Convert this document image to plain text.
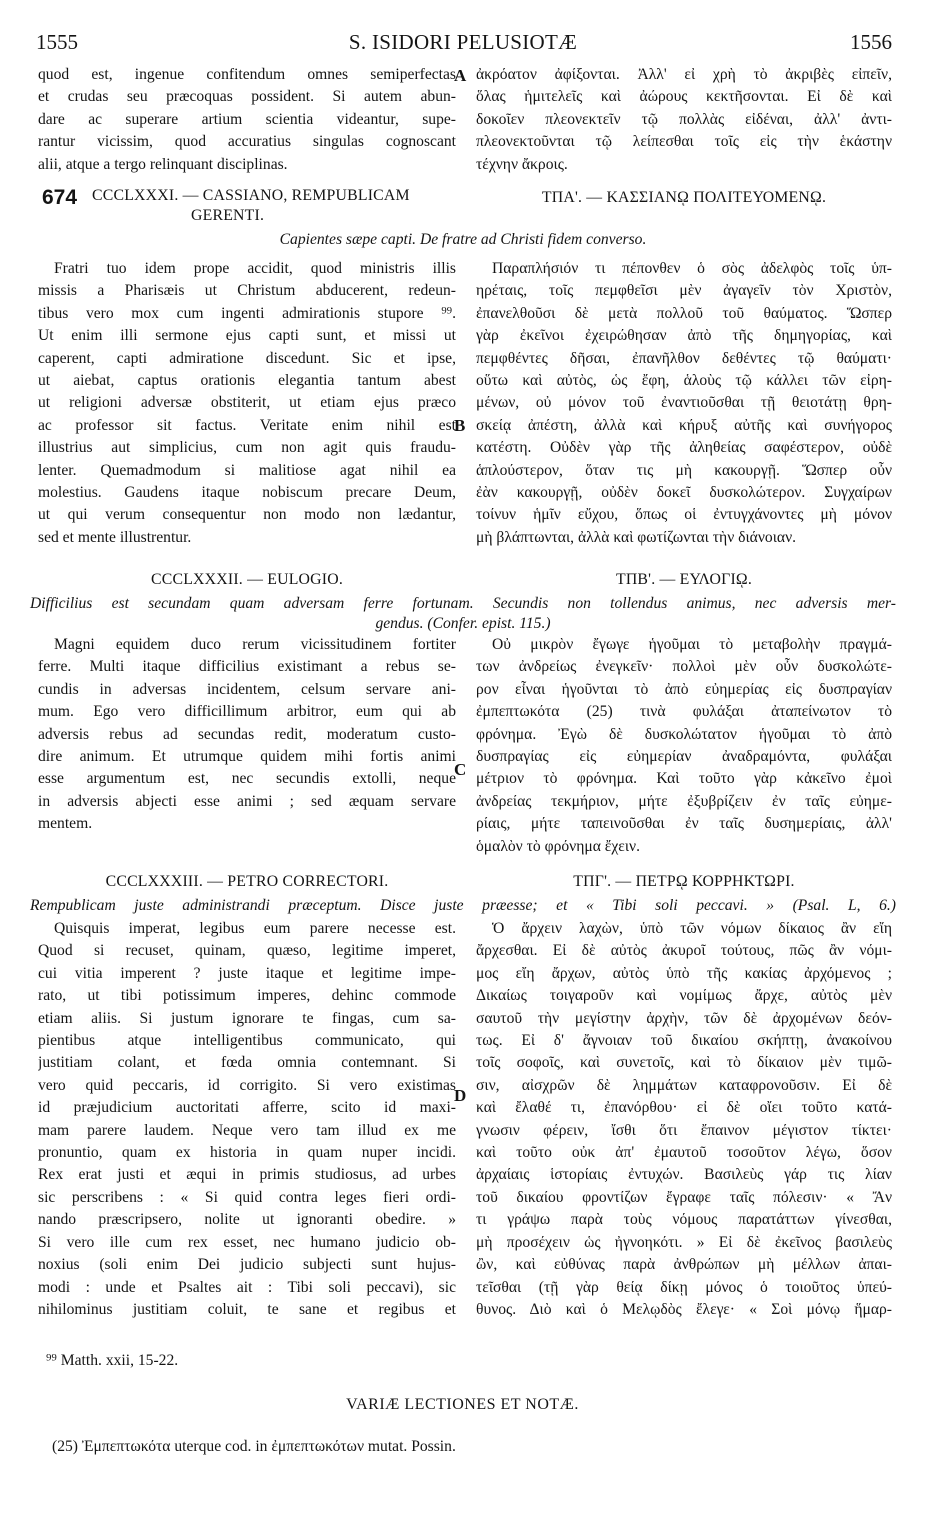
1555	S. ISIDORI PELUSIOTÆ	1556
quod est, ingenue confitendum omnes semiperfectas
et crudas seu præcoquas possident. Si autem abun-
dare ac superare artium scientia videantur, supe-
rantur vicissim, quod accuratius singulas cognoscant
alii, atque a tergo relinquant disciplinas.
ἀκρόατον ἀφίξονται. Ἀλλ' εἰ χρὴ τὸ ἀκριβὲς εἰπεῖν,
ὅλας ἡμιτελεῖς καὶ ἀώρους κεκτῆσονται. Εἰ δὲ καὶ
δοκοῖεν πλεονεκτεῖν τῷ πολλὰς εἰδέναι, ἀλλ' ἀντι-
πλεονεκτοῦνται τῷ λείπεσθαι τοῖς εἰς τὴν ἑκάστην
τέχνην ἄκροις.
A
674 CCCLXXXI. — CASSIANO, REMPUBLICAM
GERENTI.
ΤΠΑ'. — ΚΑΣΣΙΑΝῼ ΠΟΛΙΤΕΥΟΜΕΝῼ.
Capientes sæpe capti. De fratre ad Christi fidem converso.
Fratri tuo idem prope accidit, quod ministris illis
missis a Pharisæis ut Christum abducerent, redeun-
tibus vero mox cum ingenti admirationis stupore ⁹⁹.
Ut enim illi sermone ejus capti sunt, et missi ut
caperent, capti admiratione discedunt. Sic et ipse,
ut aiebat, captus orationis elegantia tantum abest
ut religioni adversæ obstiterit, ut etiam ejus præco
ac professor sit factus. Veritate enim nihil est
illustrius aut simplicius, cum non agit quis fraudu-
lenter. Quemadmodum si malitiose agat nihil ea
molestius. Gaudens itaque nobiscum precare Deum,
ut qui verum consequentur non modo non lædantur,
sed et mente illustrentur.
Παραπλήσιόν τι πέπονθεν ὁ σὸς ἀδελφὸς τοῖς ὑπ-
ηρέταις, τοῖς πεμφθεῖσι μὲν ἀγαγεῖν τὸν Χριστὸν,
ἐπανελθοῦσι δὲ μετὰ πολλοῦ τοῦ θαύματος. Ὥσπερ
γὰρ ἐκεῖνοι ἐχειρώθησαν ἀπὸ τῆς δημηγορίας, καὶ
πεμφθέντες δῆσαι, ἐπανῆλθον δεθέντες τῷ θαύματι·
οὕτω καὶ αὐτὸς, ὡς ἔφη, ἁλοὺς τῷ κάλλει τῶν εἰρη-
μένων, οὐ μόνον τοῦ ἐναντιοῦσθαι τῇ θειοτάτῃ θρη-
σκείᾳ ἀπέστη, ἀλλὰ καὶ κήρυξ αὐτῆς καὶ συνήγορος
κατέστη. Οὐδὲν γὰρ τῆς ἀληθείας σαφέστερον, οὐδὲ
ἁπλούστερον, ὅταν τις μὴ κακουργῇ. Ὥσπερ οὖν
ἐὰν κακουργῇ, οὐδὲν δοκεῖ δυσκολώτερον. Συγχαίρων
τοίνυν ἡμῖν εὔχου, ὅπως οἱ ἐντυγχάνοντες μὴ μόνον
μὴ βλάπτωνται, ἀλλὰ καὶ φωτίζωνται τὴν διάνοιαν.
B
CCCLXXXII. — EULOGIO.	ΤΠΒ'. — ΕΥΛΟΓΙῼ.
Difficilius est secundam quam adversam ferre fortunam. Secundis non tollendus animus, nec adversis mer-
gendus. (Confer. epist. 115.)
Magni equidem duco rerum vicissitudinem fortiter
ferre. Multi itaque difficilius existimant a rebus se-
cundis in adversas incidentem, celsum servare ani-
mum. Ego vero difficillimum arbitror, eum qui ab
adversis rebus ad secundas redit, moderatum custo-
dire animum. Et utrumque quidem mihi fortis animi
esse argumentum est, nec secundis extolli, neque
in adversis abjecti esse animi ; sed æquam servare
mentem.
Οὐ μικρὸν ἔγωγε ἡγοῦμαι τὸ μεταβολὴν πραγμά-
των ἀνδρείως ἐνεγκεῖν· πολλοὶ μὲν οὖν δυσκολώτε-
ρον εἶναι ἡγοῦνται τὸ ἀπὸ εὐημερίας εἰς δυσπραγίαν
ἐμπεπτωκότα (25) τινὰ φυλάξαι ἀταπείνωτον τὸ
φρόνημα. Ἐγὼ δὲ δυσκολώτατον ἡγοῦμαι τὸ ἀπὸ
δυσπραγίας εἰς εὐημερίαν ἀναδραμόντα, φυλάξαι
μέτριον τὸ φρόνημα. Καὶ τοῦτο γὰρ κἀκεῖνο ἐμοὶ
ἀνδρείας τεκμήριον, μήτε ἐξυβρίζειν ἐν ταῖς εὐημε-
ρίαις, μήτε ταπεινοῦσθαι ἐν ταῖς δυσημερίαις, ἀλλ'
ὁμαλὸν τὸ φρόνημα ἔχειν.
C
CCCLXXXIII. — PETRO CORRECTORI.	ΤΠΓ'. — ΠΕΤΡῼ ΚΟΡΡΗΚΤΩΡΙ.
Rempublicam juste administrandi præceptum. Disce juste præesse; et « Tibi soli peccavi. » (Psal. L, 6.)
Quisquis imperat, legibus eum parere necesse est.
Quod si recuset, quinam, quæso, legitime imperet,
cui vitia imperent ? juste itaque et legitime impe-
rato, ut tibi potissimum imperes, dehinc commode
etiam aliis. Si justum ignorare te fingas, cum sa-
pientibus atque intelligentibus communicato, qui
justitiam colant, et fœda omnia contemnant. Si
vero quid peccaris, id corrigito. Si vero existimas
id præjudicium auctoritati afferre, scito id maxi-
mam parere laudem. Neque vero tam illud ex me
pronuntio, quam ex historia in quam nuper incidi.
Rex erat justi et æqui in primis studiosus, ad urbes
sic perscribens : « Si quid contra leges fieri ordi-
nando præscripsero, nolite ut ignoranti obedire. »
Si vero ille cum rex esset, nec humano judicio ob-
noxius (soli enim Dei judicio subjecti sunt hujus-
modi : unde et Psaltes ait : Tibi soli peccavi), sic
nihilominus justitiam coluit, te sane et regibus et
Ὁ ἄρχειν λαχὼν, ὑπὸ τῶν νόμων δίκαιος ἂν εἴη
ἄρχεσθαι. Εἰ δὲ αὐτὸς ἀκυροῖ τούτους, πῶς ἂν νόμι-
μος εἴη ἄρχων, αὐτὸς ὑπὸ τῆς κακίας ἀρχόμενος ;
Δικαίως τοιγαροῦν καὶ νομίμως ἄρχε, αὐτὸς μὲν
σαυτοῦ τὴν μεγίστην ἀρχὴν, τῶν δὲ ἀρχομένων δεόν-
τως. Εἰ δ' ἄγνοιαν τοῦ δικαίου σκήπτῃ, ἀνακοίνου
τοῖς σοφοῖς, καὶ συνετοῖς, καὶ τὸ δίκαιον μὲν τιμῶ-
σιν, αἰσχρῶν δὲ λημμάτων καταφρονοῦσιν. Εἰ δὲ
καὶ ἔλαθέ τι, ἐπανόρθου· εἰ δὲ οἴει τοῦτο κατά-
γνωσιν φέρειν, ἴσθι ὅτι ἔπαινον μέγιστον τίκτει·
καὶ τοῦτο οὐκ ἀπ' ἐμαυτοῦ τοσοῦτον λέγω, ὅσον
ἀρχαίαις ἱστορίαις ἐντυχών. Βασιλεὺς γάρ τις λίαν
τοῦ δικαίου φροντίζων ἔγραφε ταῖς πόλεσιν· « Ἄν
τι γράψω παρὰ τοὺς νόμους παρατάττων γίνεσθαι,
μὴ προσέχειν ὡς ἠγνοηκότι. » Εἰ δὲ ἐκεῖνος βασιλεὺς
ὢν, καὶ εὐθύνας παρὰ ἀνθρώπων μὴ μέλλων ἀπαι-
τεῖσθαι (τῇ γὰρ θείᾳ δίκῃ μόνος ὁ τοιοῦτος ὑπεύ-
θυνος. Διὸ καὶ ὁ Μελῳδὸς ἔλεγε· « Σοὶ μόνῳ ἥμαρ-
D
⁹⁹ Matth. xxii, 15-22.
VARIÆ LECTIONES ET NOTÆ.
(25) Ἐμπεπτωκότα uterque cod. in ἐμπεπτωκότων mutat. Possin.
